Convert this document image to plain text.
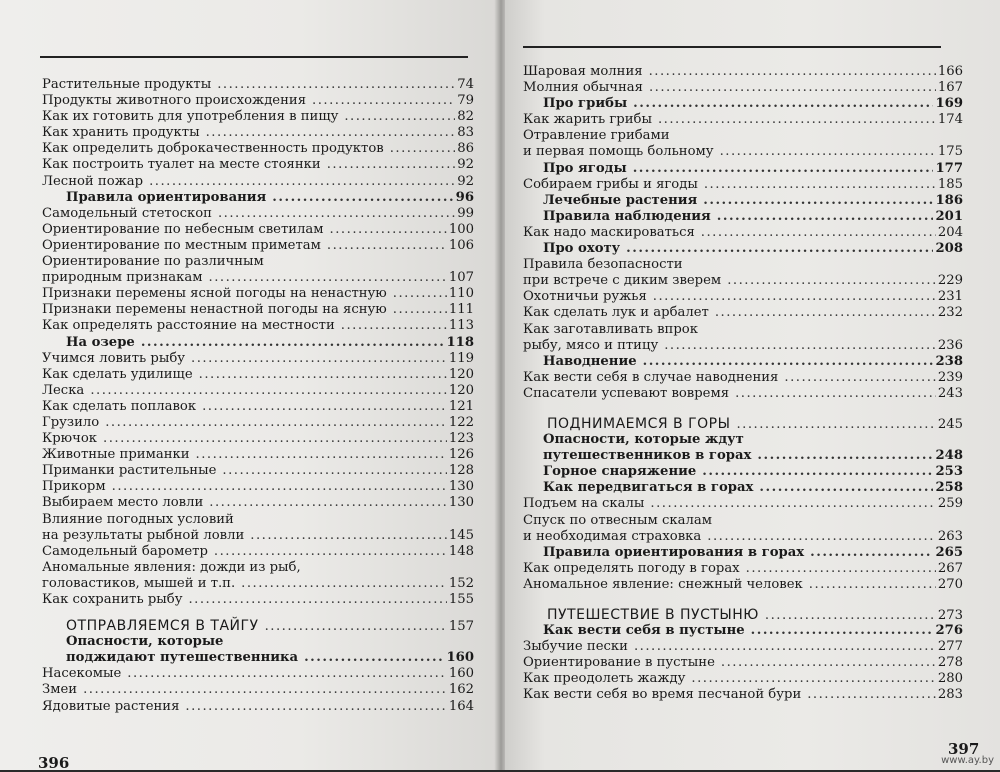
Растительные продукты .....	74
Продукты животного происхождения .....	79
Как их готовить для употребления в пищу .....	82
Как хранить продукты .....	83
Как определить доброкачественность продуктов .....	86
Как построить туалет на месте стоянки .....	92
Лесной пожар .....	92
Правила ориентирования .....	96
Самодельный стетоскоп .....	99
Ориентирование по небесным светилам .....	100
Ориентирование по местным приметам .....	106
Ориентирование по различным
природным признакам .....	107
Признаки перемены ясной погоды на ненастную .....	110
Признаки перемены ненастной погоды на ясную .....	111
Как определять расстояние на местности .....	113
На озере .....	118
Учимся ловить рыбу .....	119
Как сделать удилище .....	120
Леска .....	120
Как сделать поплавок .....	121
Грузило .....	122
Крючок .....	123
Животные приманки .....	126
Приманки растительные .....	128
Прикорм .....	130
Выбираем место ловли .....	130
Влияние погодных условий
на результаты рыбной ловли .....	145
Самодельный барометр .....	148
Аномальные явления: дожди из рыб,
головастиков, мышей и т.п. .....	152
Как сохранить рыбу .....	155
ОТПРАВЛЯЕМСЯ В ТАЙГУ .....	157
Опасности, которые
поджидают путешественника .....	160
Насекомые .....	160
Змеи .....	162
Ядовитые растения .....	164
396
Шаровая молния .....	166
Молния обычная .....	167
Про грибы .....	169
Как жарить грибы .....	174
Отравление грибами
и первая помощь больному .....	175
Про ягоды .....	177
Собираем грибы и ягоды .....	185
Лечебные растения .....	186
Правила наблюдения .....	201
Как надо маскироваться .....	204
Про охоту .....	208
Правила безопасности
при встрече с диким зверем .....	229
Охотничьи ружья .....	231
Как сделать лук и арбалет .....	232
Как заготавливать впрок
рыбу, мясо и птицу .....	236
Наводнение .....	238
Как вести себя в случае наводнения .....	239
Спасатели успевают вовремя .....	243
ПОДНИМАЕМСЯ В ГОРЫ .....	245
Опасности, которые ждут
путешественников в горах .....	248
Горное снаряжение .....	253
Как передвигаться в горах .....	258
Подъем на скалы .....	259
Спуск по отвесным скалам
и необходимая страховка .....	263
Правила ориентирования в горах .....	265
Как определять погоду в горах .....	267
Аномальное явление: снежный человек .....	270
ПУТЕШЕСТВИЕ В ПУСТЫНЮ .....	273
Как вести себя в пустыне .....	276
Зыбучие пески .....	277
Ориентирование в пустыне .....	278
Как преодолеть жажду .....	280
Как вести себя во время песчаной бури .....	283
397
www.ay.by
